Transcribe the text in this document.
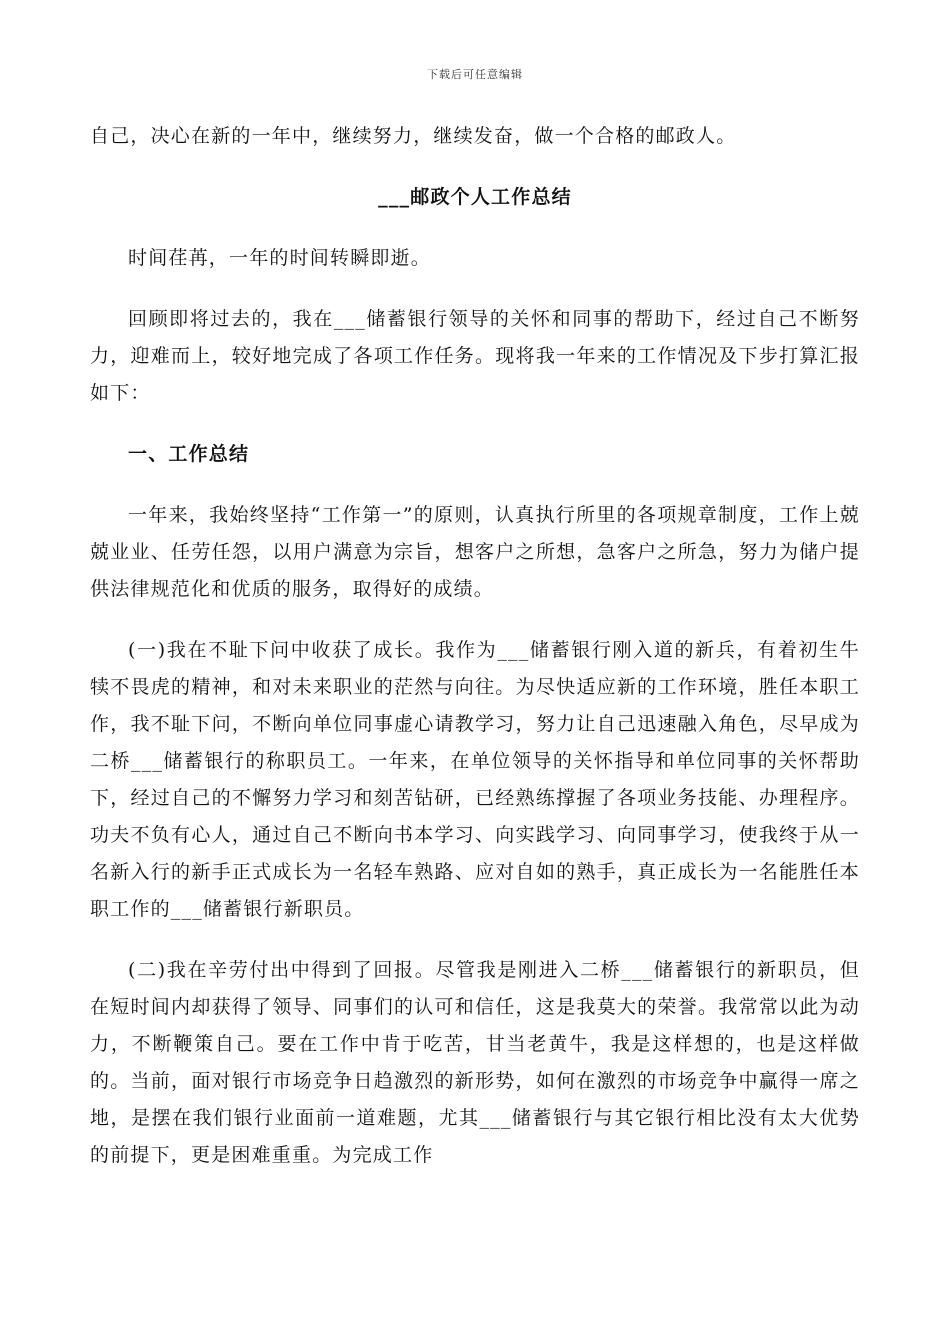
下载后可任意编辑

自己，决心在新的一年中，继续努力，继续发奋，做一个合格的邮政人。

___邮政个人工作总结

时间荏苒，一年的时间转瞬即逝。

回顾即将过去的，我在___储蓄银行领导的关怀和同事的帮助下，经过自己不断努力，迎难而上，较好地完成了各项工作任务。现将我一年来的工作情况及下步打算汇报如下：

一、工作总结

一年来，我始终坚持“工作第一”的原则，认真执行所里的各项规章制度，工作上兢兢业业、任劳任怨，以用户满意为宗旨，想客户之所想，急客户之所急，努力为储户提供法律规范化和优质的服务，取得好的成绩。

(一)我在不耻下问中收获了成长。我作为___储蓄银行刚入道的新兵，有着初生牛犊不畏虎的精神，和对未来职业的茫然与向往。为尽快适应新的工作环境，胜任本职工作，我不耻下问，不断向单位同事虚心请教学习，努力让自己迅速融入角色，尽早成为二桥___储蓄银行的称职员工。一年来，在单位领导的关怀指导和单位同事的关怀帮助下，经过自己的不懈努力学习和刻苦钻研，已经熟练撑握了各项业务技能、办理程序。功夫不负有心人，通过自己不断向书本学习、向实践学习、向同事学习，使我终于从一名新入行的新手正式成长为一名轻车熟路、应对自如的熟手，真正成长为一名能胜任本职工作的___储蓄银行新职员。

(二)我在辛劳付出中得到了回报。尽管我是刚进入二桥___储蓄银行的新职员，但在短时间内却获得了领导、同事们的认可和信任，这是我莫大的荣誉。我常常以此为动力，不断鞭策自己。要在工作中肯于吃苦，甘当老黄牛，我是这样想的，也是这样做的。当前，面对银行市场竞争日趋激烈的新形势，如何在激烈的市场竞争中赢得一席之地，是摆在我们银行业面前一道难题，尤其___储蓄银行与其它银行相比没有太大优势的前提下，更是困难重重。为完成工作
